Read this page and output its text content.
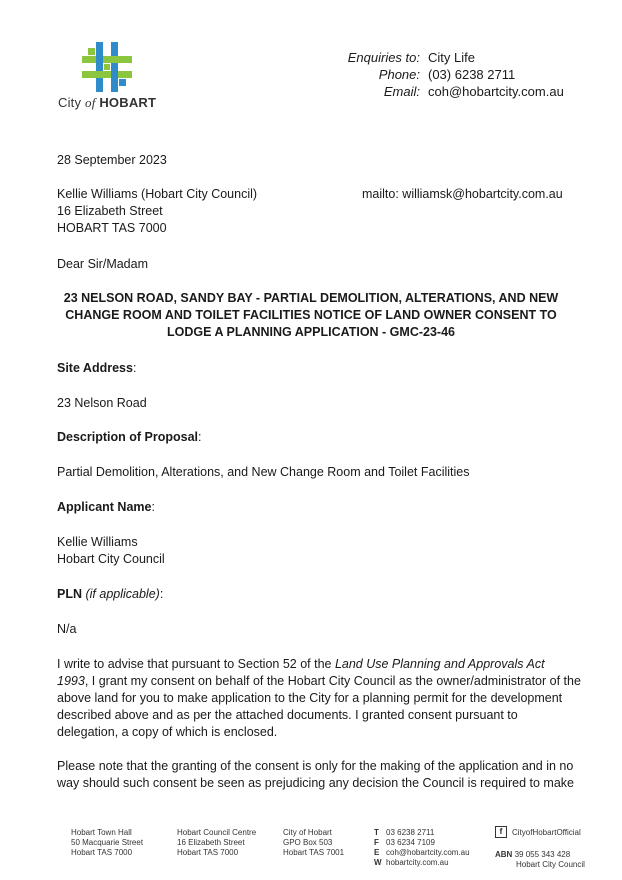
City of HOBART
Enquiries to: City Life
Phone: (03) 6238 2711
Email: coh@hobartcity.com.au
28 September 2023
Kellie Williams (Hobart City Council)
16 Elizabeth Street
HOBART TAS 7000
mailto: williamsk@hobartcity.com.au
Dear Sir/Madam
23 NELSON ROAD, SANDY BAY - PARTIAL DEMOLITION, ALTERATIONS, AND NEW
CHANGE ROOM AND TOILET FACILITIES NOTICE OF LAND OWNER CONSENT TO
LODGE A PLANNING APPLICATION - GMC-23-46
Site Address:
23 Nelson Road
Description of Proposal:
Partial Demolition, Alterations, and New Change Room and Toilet Facilities
Applicant Name:
Kellie Williams
Hobart City Council
PLN (if applicable):
N/a
I write to advise that pursuant to Section 52 of the Land Use Planning and Approvals Act
1993, I grant my consent on behalf of the Hobart City Council as the owner/administrator of the
above land for you to make application to the City for a planning permit for the development
described above and as per the attached documents. I granted consent pursuant to
delegation, a copy of which is enclosed.
Please note that the granting of the consent is only for the making of the application and in no
way should such consent be seen as prejudicing any decision the Council is required to make
Hobart Town Hall
50 Macquarie Street
Hobart TAS 7000
Hobart Council Centre
16 Elizabeth Street
Hobart TAS 7000
City of Hobart
GPO Box 503
Hobart TAS 7001
T
F
E
W
03 6238 2711
03 6234 7109
coh@hobartcity.com.au
hobartcity.com.au
f	CityofHobartOfficial
ABN 39 055 343 428
Hobart City Council
